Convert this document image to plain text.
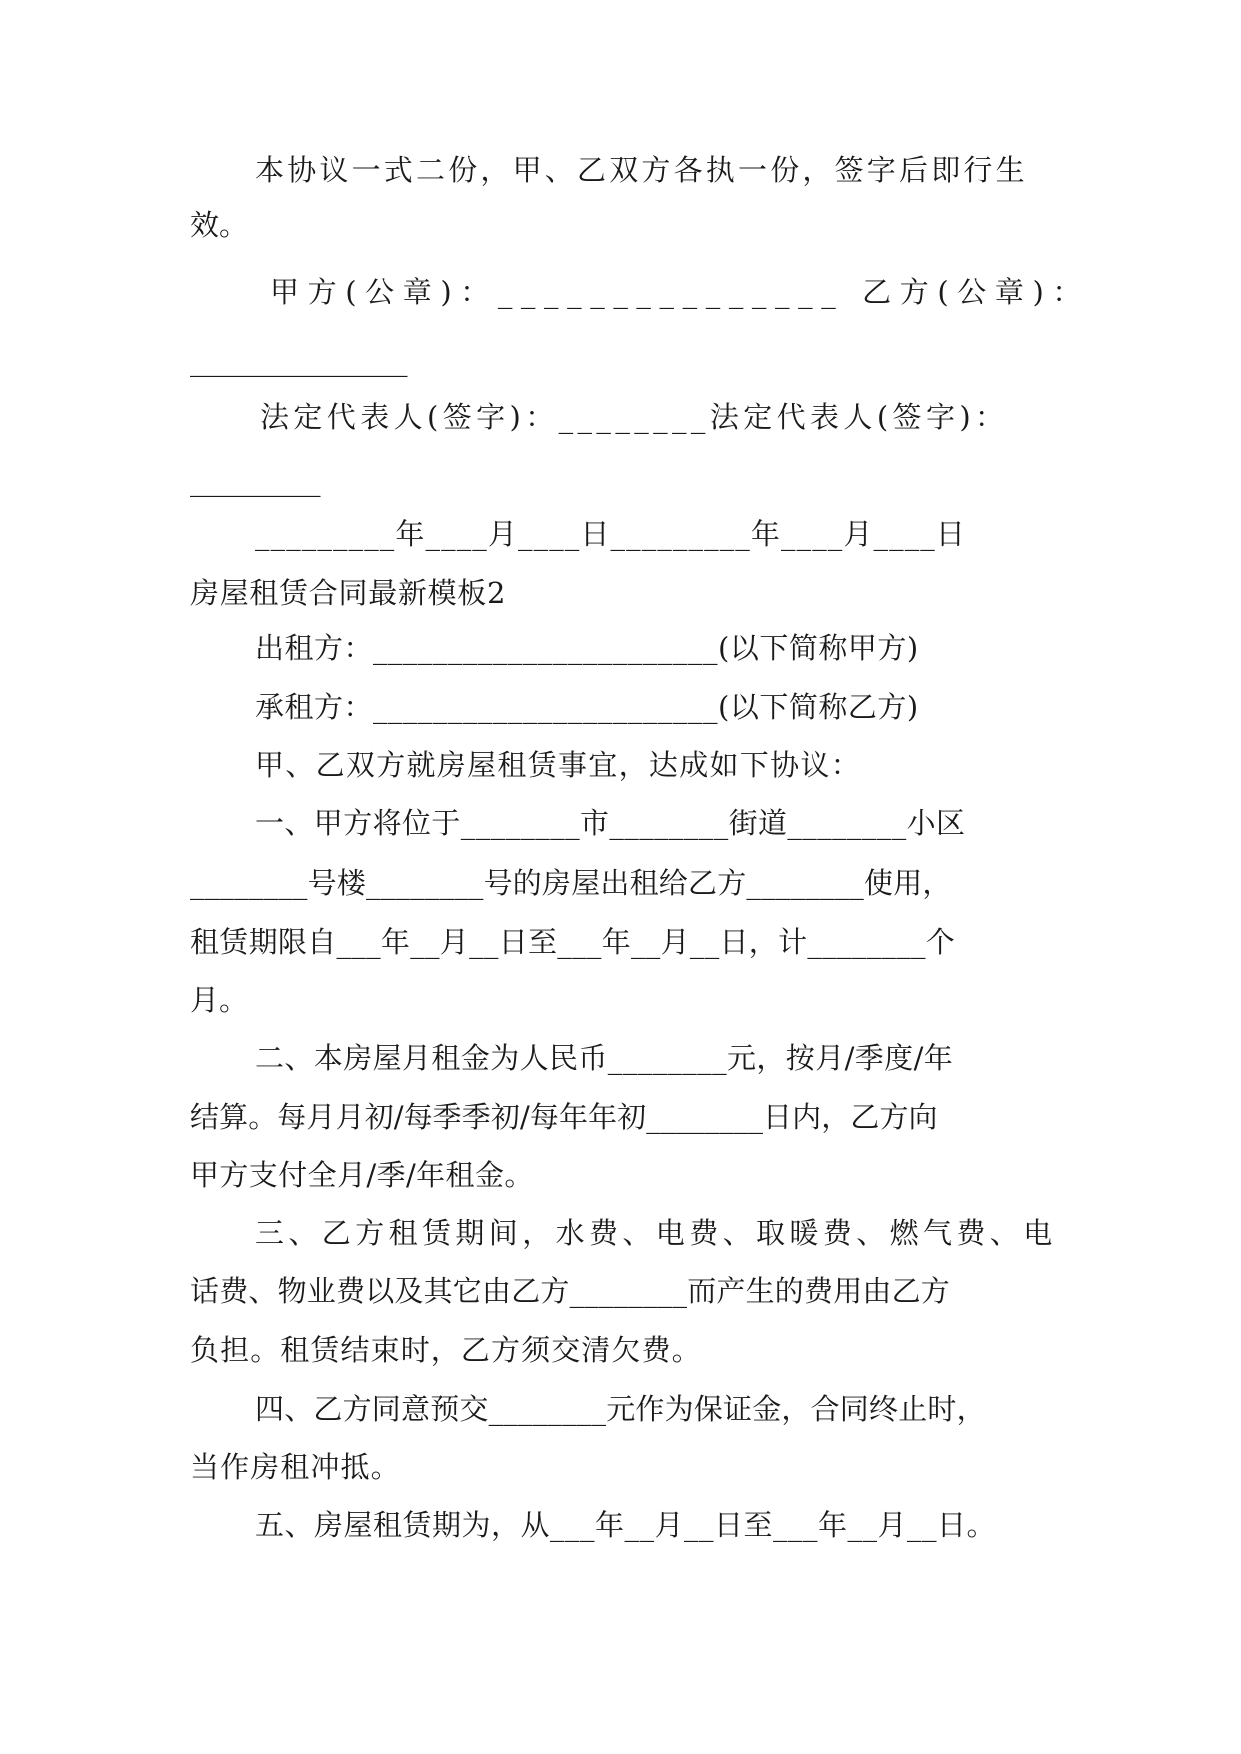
本协议一式二份，甲、乙双方各执一份，签字后即行生

效。

甲方(公章)：_______________ 乙方(公章)：

_______________

法定代表人(签字)：________法定代表人(签字)：

_________

_________年____月____日_________年____月____日

房屋租赁合同最新模板2

出租方：_______________________(以下简称甲方)

承租方：_______________________(以下简称乙方)

甲、乙双方就房屋租赁事宜，达成如下协议：

一、甲方将位于________市________街道________小区

________号楼________号的房屋出租给乙方________使用，

租赁期限自___年__月__日至___年__月__日，计________个

月。

二、本房屋月租金为人民币________元，按月/季度/年

结算。每月月初/每季季初/每年年初________日内，乙方向

甲方支付全月/季/年租金。

三、乙方租赁期间，水费、电费、取暖费、燃气费、电

话费、物业费以及其它由乙方________而产生的费用由乙方

负担。租赁结束时，乙方须交清欠费。

四、乙方同意预交________元作为保证金，合同终止时，

当作房租冲抵。

五、房屋租赁期为，从___年__月__日至___年__月__日。
